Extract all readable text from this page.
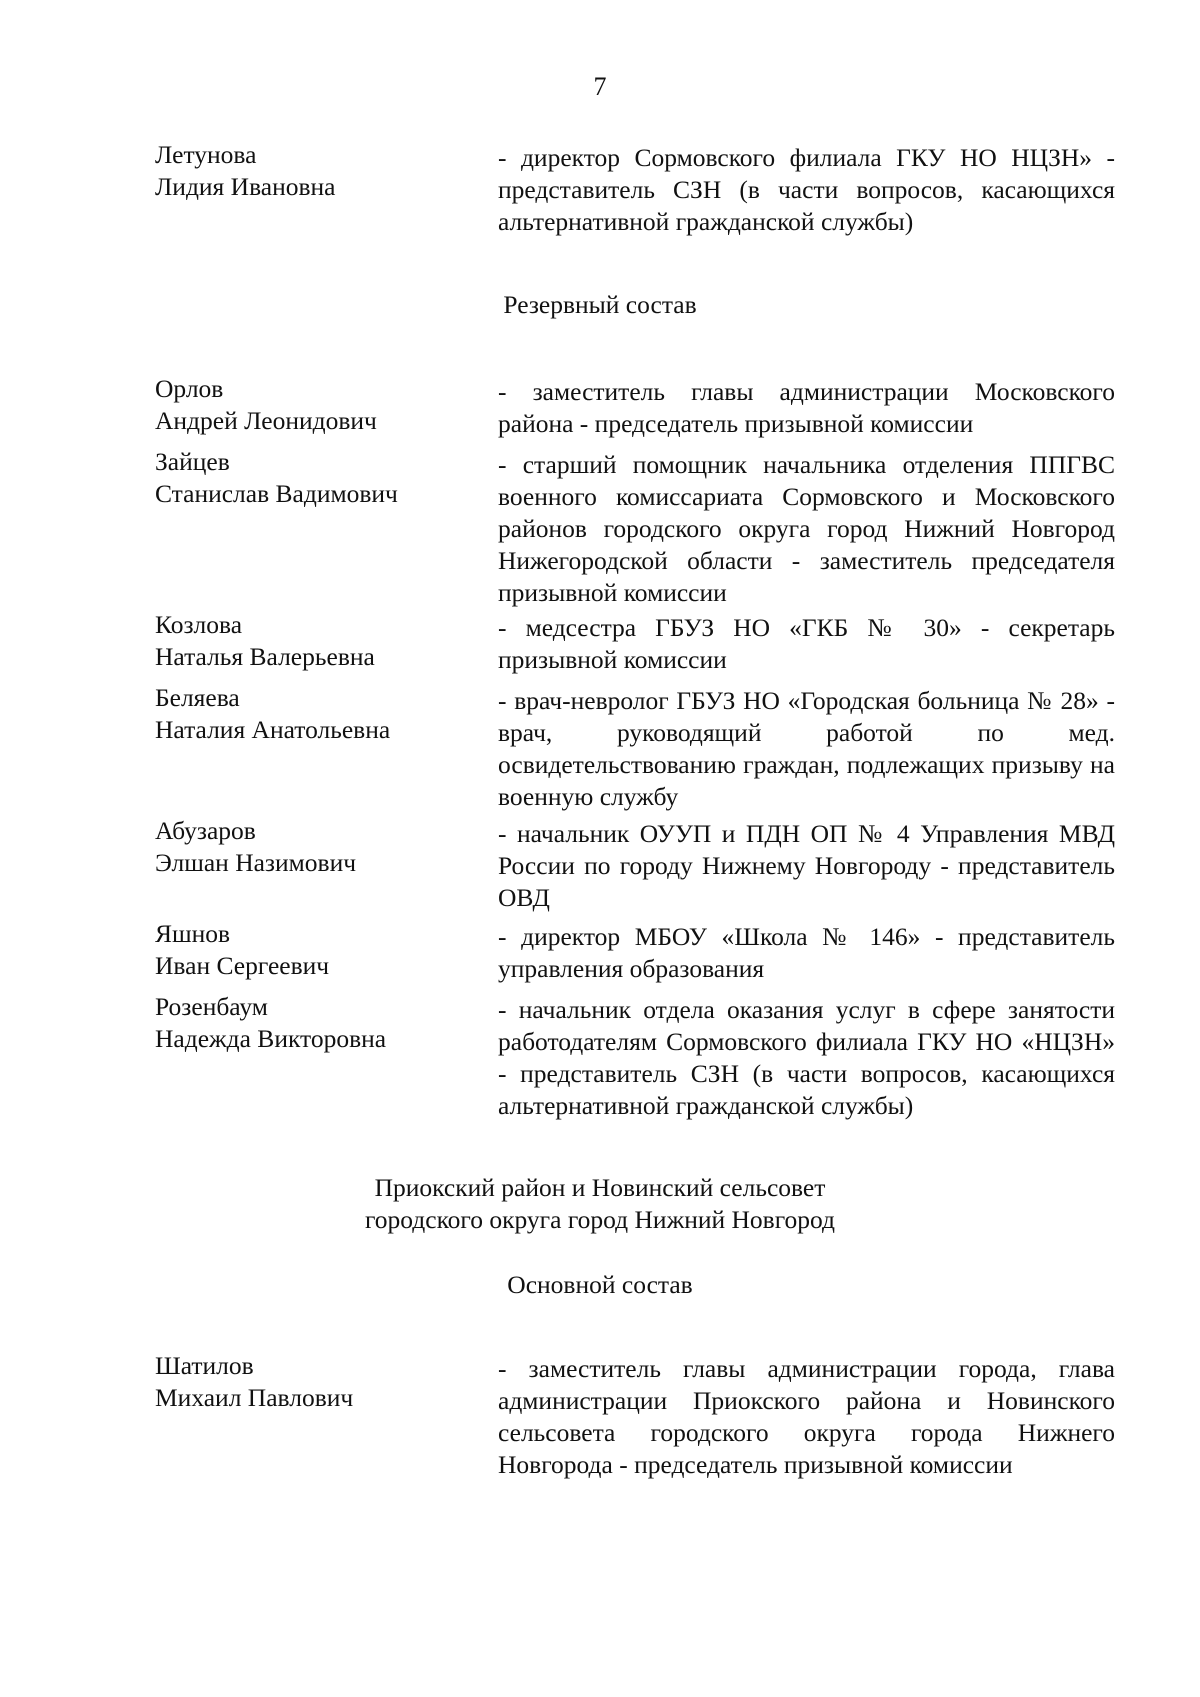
7
Летунова
Лидия Ивановна
- директор Сормовского филиала ГКУ НО НЦЗН» - представитель СЗН (в части вопросов, касающихся альтернативной гражданской службы)
Резервный состав
Орлов
Андрей Леонидович
- заместитель главы администрации Московского района - председатель призывной комиссии
Зайцев
Станислав Вадимович
- старший помощник начальника отделения ППГВС военного комиссариата Сормовского и Московского районов городского округа город Нижний Новгород Нижегородской области - заместитель председателя призывной комиссии
Козлова
Наталья Валерьевна
- медсестра ГБУЗ НО «ГКБ № 30» - секретарь призывной комиссии
Беляева
Наталия Анатольевна
- врач-невролог ГБУЗ НО «Городская больница № 28» - врач, руководящий работой по мед. освидетельствованию граждан, подлежащих призыву на военную службу
Абузаров
Элшан Назимович
- начальник ОУУП и ПДН ОП № 4 Управления МВД России по городу Нижнему Новгороду - представитель ОВД
Яшнов
Иван Сергеевич
- директор МБОУ «Школа № 146» - представитель управления образования
Розенбаум
Надежда Викторовна
- начальник отдела оказания услуг в сфере занятости работодателям Сормовского филиала ГКУ НО «НЦЗН» - представитель СЗН (в части вопросов, касающихся альтернативной гражданской службы)
Приокский район и Новинский сельсовет
городского округа город Нижний Новгород
Основной состав
Шатилов
Михаил Павлович
- заместитель главы администрации города, глава администрации Приокского района и Новинского сельсовета городского округа города Нижнего Новгорода - председатель призывной комиссии
